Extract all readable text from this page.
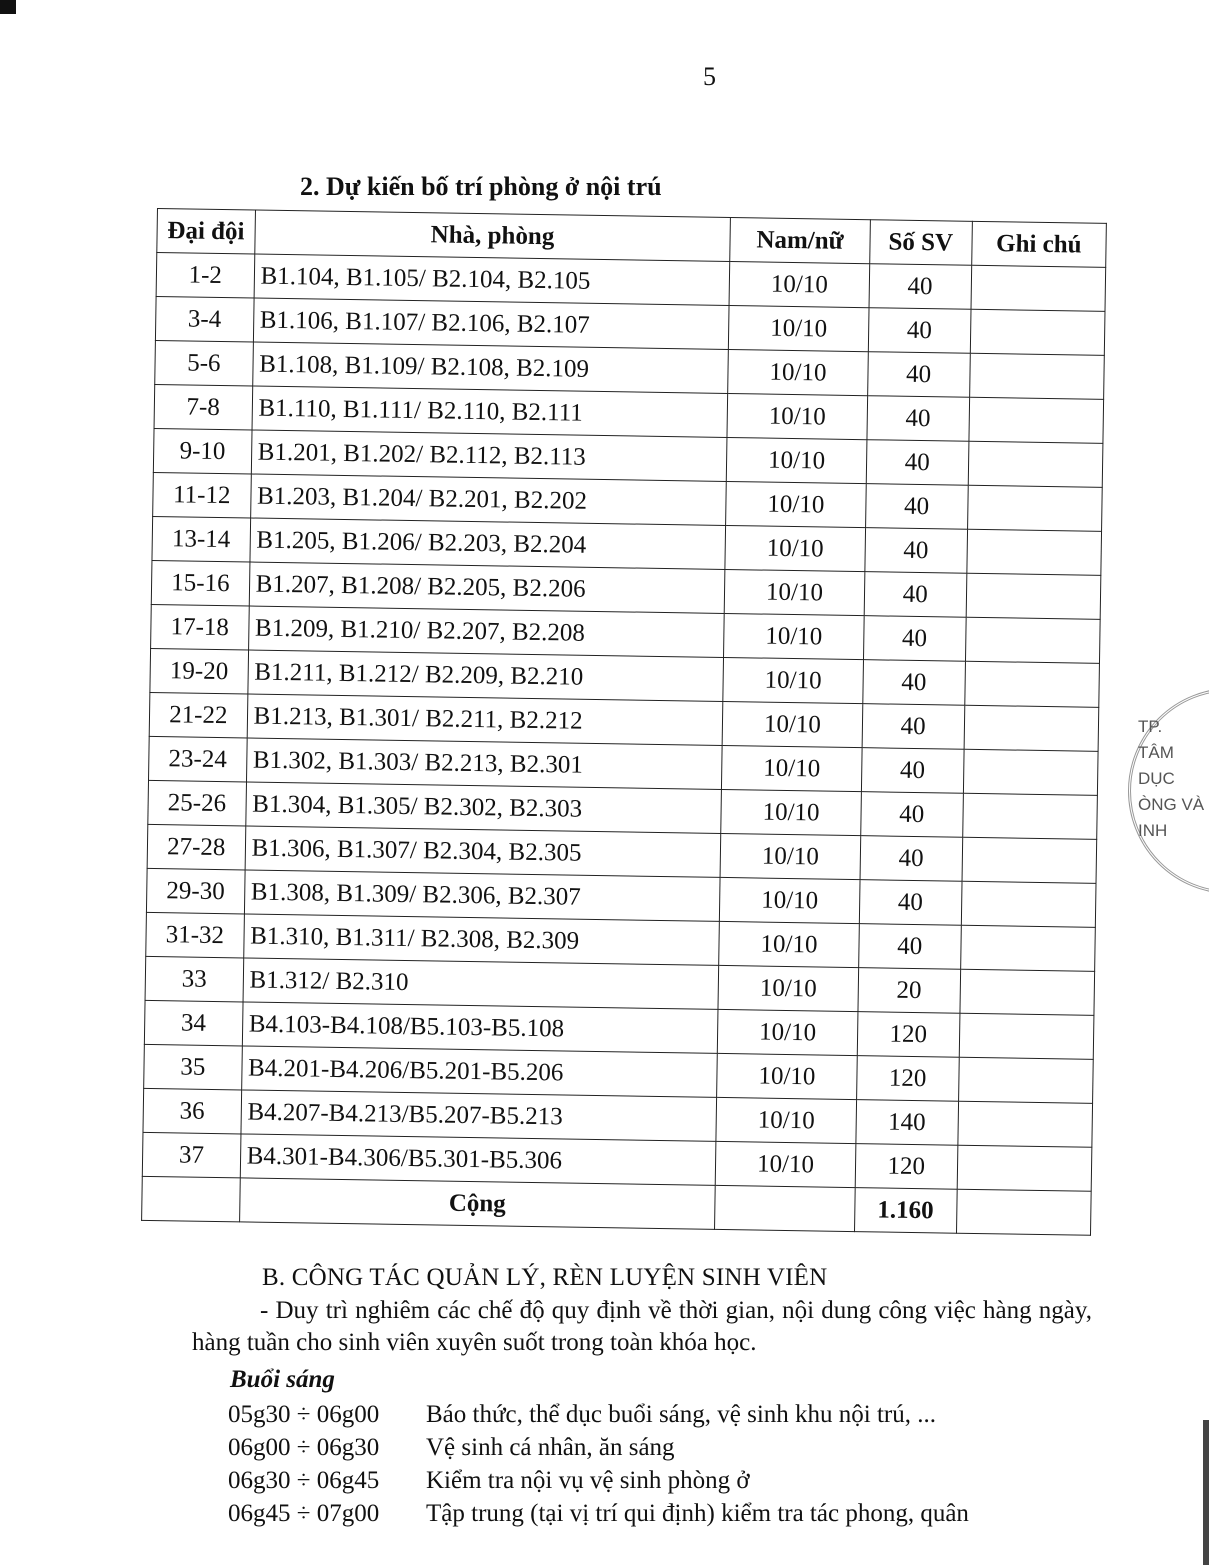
5
2. Dự kiến bố trí phòng ở nội trú
Đại đội	Nhà, phòng	Nam/nữ	Số SV	Ghi chú
1-2	B1.104, B1.105/ B2.104, B2.105	10/10	40	
3-4	B1.106, B1.107/ B2.106, B2.107	10/10	40	
5-6	B1.108, B1.109/ B2.108, B2.109	10/10	40	
7-8	B1.110, B1.111/ B2.110, B2.111	10/10	40	
9-10	B1.201, B1.202/ B2.112, B2.113	10/10	40	
11-12	B1.203, B1.204/ B2.201, B2.202	10/10	40	
13-14	B1.205, B1.206/ B2.203, B2.204	10/10	40	
15-16	B1.207, B1.208/ B2.205, B2.206	10/10	40	
17-18	B1.209, B1.210/ B2.207, B2.208	10/10	40	
19-20	B1.211, B1.212/ B2.209, B2.210	10/10	40	
21-22	B1.213, B1.301/ B2.211, B2.212	10/10	40	
23-24	B1.302, B1.303/ B2.213, B2.301	10/10	40	
25-26	B1.304, B1.305/ B2.302, B2.303	10/10	40	
27-28	B1.306, B1.307/ B2.304, B2.305	10/10	40	
29-30	B1.308, B1.309/ B2.306, B2.307	10/10	40	
31-32	B1.310, B1.311/ B2.308, B2.309	10/10	40	
33	B1.312/ B2.310	10/10	20	
34	B4.103-B4.108/B5.103-B5.108	10/10	120	
35	B4.201-B4.206/B5.201-B5.206	10/10	120	
36	B4.207-B4.213/B5.207-B5.213	10/10	140	
37	B4.301-B4.306/B5.301-B5.306	10/10	120	
	Cộng		1.160	
B. CÔNG TÁC QUẢN LÝ, RÈN LUYỆN SINH VIÊN
- Duy trì nghiêm các chế độ quy định về thời gian, nội dung công việc hàng ngày, hàng tuần cho sinh viên xuyên suốt trong toàn khóa học.
Buổi sáng
05g30 ÷ 06g00	Báo thức, thể dục buổi sáng, vệ sinh khu nội trú, ...
06g00 ÷ 06g30	Vệ sinh cá nhân, ăn sáng
06g30 ÷ 06g45	Kiểm tra nội vụ vệ sinh phòng ở
06g45 ÷ 07g00	Tập trung (tại vị trí qui định) kiểm tra tác phong, quân
TP.
TÂM
DỤC
ÒNG VÀ
INH
